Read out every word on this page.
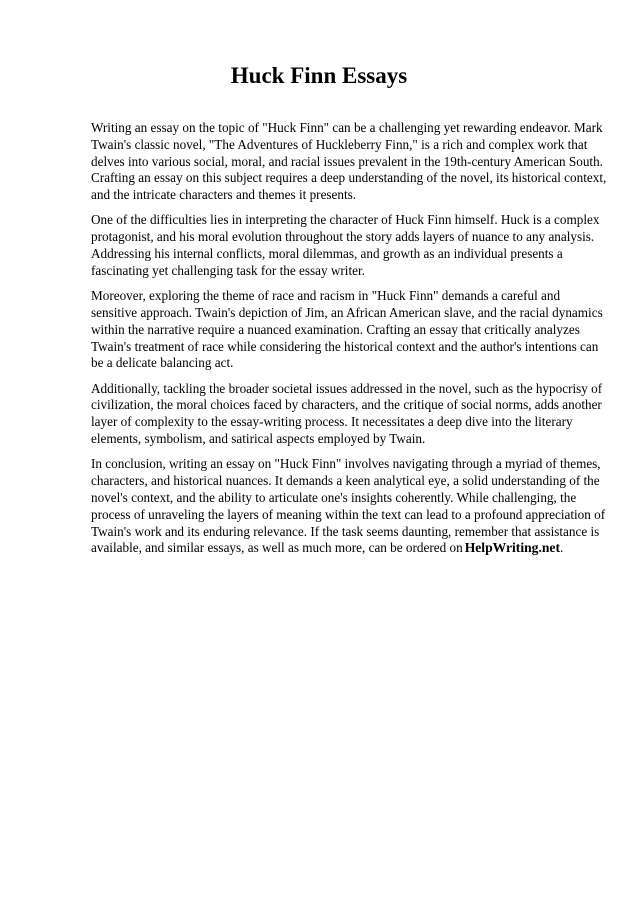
Huck Finn Essays

Writing an essay on the topic of "Huck Finn" can be a challenging yet rewarding endeavor. Mark Twain's classic novel, "The Adventures of Huckleberry Finn," is a rich and complex work that delves into various social, moral, and racial issues prevalent in the 19th-century American South. Crafting an essay on this subject requires a deep understanding of the novel, its historical context, and the intricate characters and themes it presents.

One of the difficulties lies in interpreting the character of Huck Finn himself. Huck is a complex protagonist, and his moral evolution throughout the story adds layers of nuance to any analysis. Addressing his internal conflicts, moral dilemmas, and growth as an individual presents a fascinating yet challenging task for the essay writer.

Moreover, exploring the theme of race and racism in "Huck Finn" demands a careful and sensitive approach. Twain's depiction of Jim, an African American slave, and the racial dynamics within the narrative require a nuanced examination. Crafting an essay that critically analyzes Twain's treatment of race while considering the historical context and the author's intentions can be a delicate balancing act.

Additionally, tackling the broader societal issues addressed in the novel, such as the hypocrisy of civilization, the moral choices faced by characters, and the critique of social norms, adds another layer of complexity to the essay-writing process. It necessitates a deep dive into the literary elements, symbolism, and satirical aspects employed by Twain.

In conclusion, writing an essay on "Huck Finn" involves navigating through a myriad of themes, characters, and historical nuances. It demands a keen analytical eye, a solid understanding of the novel's context, and the ability to articulate one's insights coherently. While challenging, the process of unraveling the layers of meaning within the text can lead to a profound appreciation of Twain's work and its enduring relevance. If the task seems daunting, remember that assistance is available, and similar essays, as well as much more, can be ordered on HelpWriting.net.
